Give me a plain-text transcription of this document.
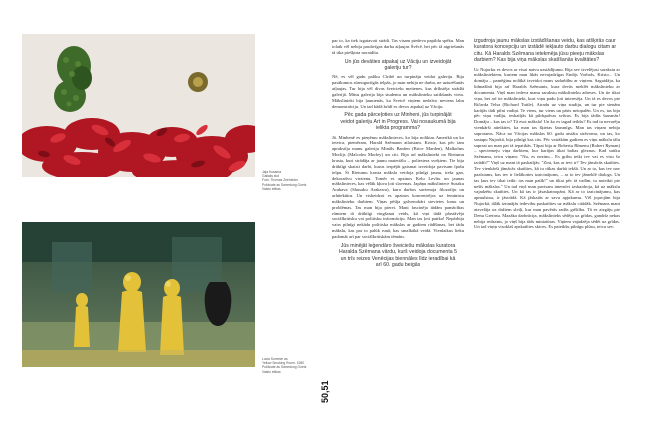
Jaja Kusama
Gallaks stol
Foto: Thomas Zeeheider
Publicate as Sammlung Goetz
Valstu etibas
Lucia Sommer as
Yellow Smoking Room. 1980
Publicate as Sammlung Goetz
Valstu etibas
50,51

par to, ka tiek izgatavoti strādi. Tas visam piedeva papildu spēku. Man tolaik vēl nebija pastāvīgas darba atļaujas Švēcē, bet pēc tā atgriešanās tā tika piešķirta noraidīta.

Un jūs devāties atpakaļ uz Vāciju un izveidojāt galeriju tur?

Nē, es vēl gadu paliku Cīrihē un turpināju veidot galeriju. Bija pasākumos sūrnogurtīgās telpās, jo man nebija ne darba, ne uzturēšanās atļaujas. Tur bija vēl divas šveiciešu meitenes, kas drīkstēja strādāt galerijā. Mūsu galerija bija studentu un mākslinieku satikšanās vieta. Mākslinieki bija ļaunienās, ka Šveicē viņiem nedzīvo neviens labu demonstrāciju. Un tad kādā brīdī es devos atpakaļ uz Vāciju.

Pēc gada pārceļoties uz Minheni, jūs turpinājāt veidot galeriju Art in Progress. Vai nosaukumā bija ielikta programma?

Jā. Minhenē es pieņēmu mākslinieces, ko bija noliktas Amerikā un ko ieteica, piemēram, Harald Szēmann atlaistam. Kriste, kas pēc tam aprakstīja manu galeriju Mināls Barden (Brice Marden), Malkolms Morlijs (Malcolm Morley) un citi. Bija arī mākslinieki no Rietumu krasta, kuri strādāja ar jaunu materiālu – poliestera sveķiem. Tie bija drāktīgi skaisti darbi, kurus iespējāt gaismai izveidoja pavisam īpašu telpu. Ši Rietumu krasta māksla veidoja pilnīgi jaunu, tieša gan, dekoratīvu virzienu. Tomēr es apzinos Kelu Levītu un jaunas mākslinieces, kas vēlāk kļuva ļoti slavenas. Japāņu māksliniece Susaku Arakava (Shusaku Arakawa), kura darbos savienoja filozofiju un arhitektūru. Un visbeidzot es apzinos koncentrējos uz feministu mākslinieku darbiem. Viņas pētīja galvenokārt sievietes lomu un problēmas. Tas man bija pierei. Mani fascinēja tādām pamācības rūmiem tā drāktīgi vingšanai veids, kā viņi tādā pārstāvēja sociālkritisku vai politisku informāciju. Man tas ļoti patika! Nepārbija vairs pilnīgi nekādu politiska mākslas ar gadiem rādīšanas, bet tādu mākslu, kas par to palūk runā, kas smalkākā veidā. Vienlaikus lieku padomāt arī par sociālkritiskām tēmām.

Jūs minējāt leģendāro šveiciešu mākslas kuratora Haralda Szēmana vārdu, kurš veidoja documenta 5 un trīs reizes Venēcijas biennāles līdz ieradībai kā arī 60. gadu beigās

izgudroja jaunu mākslas izstādīšanas veidu, kas atšķirās caur kuratora koncepciju un izstādē iekļauto darbu dialogu citam ar citu. Kā Haralds Szēmana ietekmēja jūsu pieeju mākslas darbiem? Kas bija viņa mākslas skatīšanās kvalitātes?

Ur Nujorku es devos ar visai naivu uzstādījumu. Bija sev izvelējusi sarakstu ar māksliniekiem, kuriem man likās nevajadzīgas Endijs Vorhols, Kristo... Un domāju – pamēģinu nolūkā izveidot mans sadarbību ar viņiem. Sagaidāju, ka lidmašīnā bija arī Haralds Szēmanis, kura devās meklēt mākslinieku ar documenta. Viņš man iedeva manu sarakstu mākslinieku adreses. Un tie tikai viņa, bet arī tie mākslinieki, kuri viņu padu ļoti interesēja. Un tā es devos pie Ričarda Telsa (Richard Tuttle). Atradu uz viņa studiju, un tur pie sienām karājās tādi pilni vadiņi. Te viens, tur viens un pāris netopalēn. Un es, tas bija pēc viņu vadīju, ieskatījās kā pildspalvas svītras. Es bija tādās šausmās! Domāju – kas tas ir? Tā esot māksla! Un ko es tagad teikšu? Es tad tu nevarēju vienkārši atteikties, ka man tas šķietas šausmīgs. Man tas viņam nebija saprotams. Nāca no Vācijas mākslas 60. gadu atstāta strāvomu, un tas, ko sastapu Nujorkā, bija pilnīgi kas cits. Pēc vairākām gadiem es viņu mākslu tālu saprast un man pat tā iepatikās. Tāpat bija ar Robertu Rīmenu (Robert Ryman) – speciemeju viņa darbiem, kur karājas tikai baltas gleznas. Kad satiku Szēmanu, teicu viņam: "Nu, es nezinu... Es gribu teikt tev vai es visu šo izrādīt?" Viņš uz mani tā paskatījās: "Zini, kas ar tevi ir? Tev jāmācās skatīties. Tev vienkārši jāmācās skatīties, kā tu rūkas darbā iekšā. Un ar to, kas tev nav pazīstams, kas tev ir lielākoties izaicinājums, – ar to tev jāmeklē dialogs. Un tas ļaus tev tikai teikt: tas man patīk!" un tikai pēc tā vadīm, tu noteikti pie nešīs mākslas." Un tad viņš man pavisam intensīvi izskaidroja, kā uz mākslu vajadzētu skatīties. Un kā tas ir jāsaskatnopāni. Kā ar to izaicinājumu, kas apmulsina, ir jāstrādā. Kā jāskatās ar savu apjukumu. Vēl joprojām bija Nujorkā, tālāk izrunājās iedevibu paskatīties uz mākslu citādāk. Szēmans mani aizvelāja uz dažiem sleiļi, kur man pavērās radās grīštība. Tā es aizgāju pie Denu Greinsu. Mazāka darbnīcija, mākslinieks sēdēja uz grīdas, gandrīz nekas nebija redzams, jo viņš bija tāds miniatūras. Viņiem vajadzēja sēdēt uz grīdas. Un tad viņiņ visoklaš apskatīties skices. Es pateikšu pilnīgu plūsu, teicu sev:
